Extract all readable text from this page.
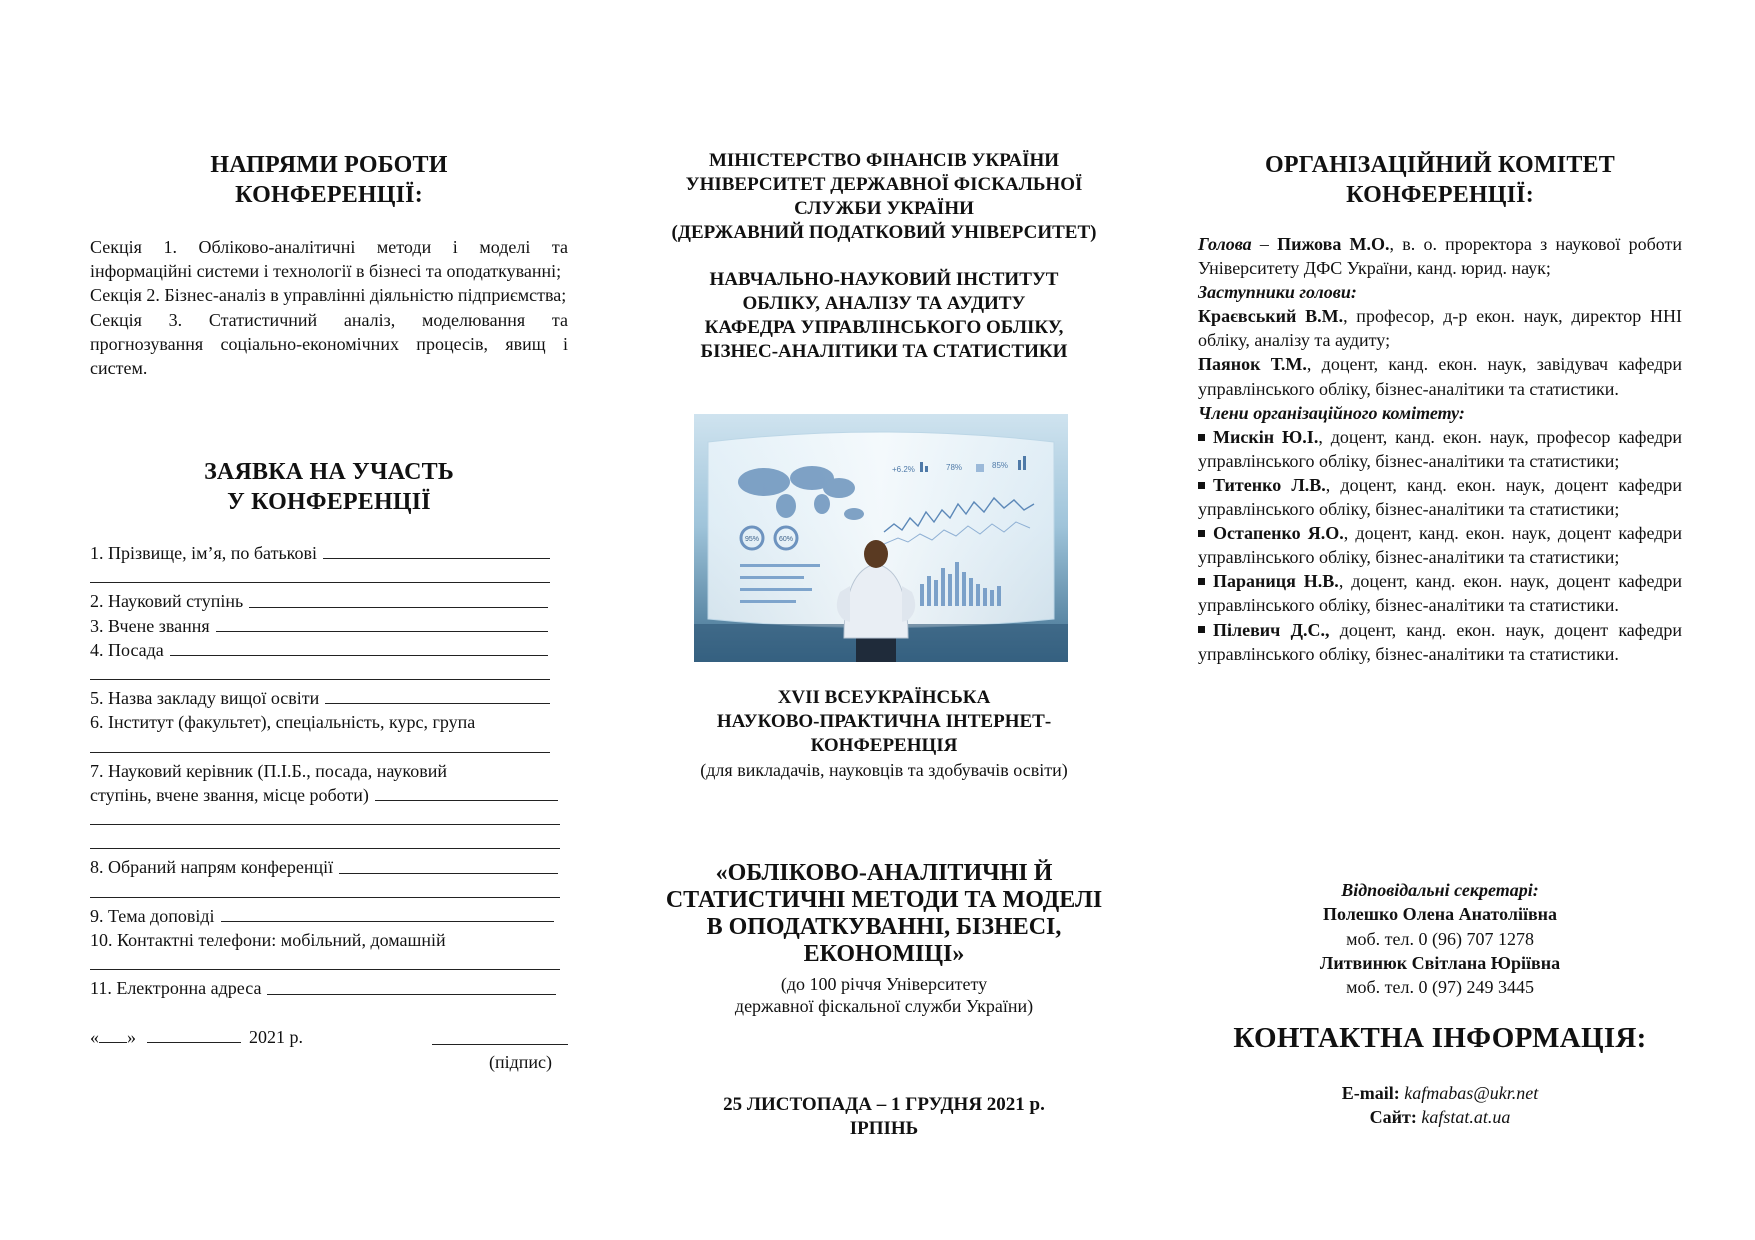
НАПРЯМИ РОБОТИ
КОНФЕРЕНЦІЇ:

Секція 1. Обліково-аналітичні методи і моделі та інформаційні системи і технології в бізнесі та оподаткуванні;

Секція 2. Бізнес-аналіз в управлінні діяльністю підприємства;

Секція 3. Статистичний аналіз, моделювання та прогнозування соціально-економічних процесів, явищ і систем.

ЗАЯВКА НА УЧАСТЬ
У КОНФЕРЕНЦІЇ
1. Прізвище, ім’я, по батькові
2. Науковий ступінь
3. Вчене звання
4. Посада
5. Назва закладу вищої освіти
6. Інститут (факультет), спеціальність, курс, група
7. Науковий керівник (П.І.Б., посада, науковий
ступінь, вчене звання, місце роботи)
8. Обраний напрям конференції
9. Тема доповіді
10. Контактні телефони: мобільний, домашній
11. Електронна адреса
« »	2021 р.
(підпис)
МІНІСТЕРСТВО ФІНАНСІВ УКРАЇНИ
УНІВЕРСИТЕТ ДЕРЖАВНОЇ ФІСКАЛЬНОЇ
СЛУЖБИ УКРАЇНИ
(ДЕРЖАВНИЙ ПОДАТКОВИЙ УНІВЕРСИТЕТ)
НАВЧАЛЬНО-НАУКОВИЙ ІНСТИТУТ
ОБЛІКУ, АНАЛІЗУ ТА АУДИТУ
КАФЕДРА УПРАВЛІНСЬКОГО ОБЛІКУ,
БІЗНЕС-АНАЛІТИКИ ТА СТАТИСТИКИ
95%	60%
+6.2%	78%	85%
XVII ВСЕУКРАЇНСЬКА
НАУКОВО-ПРАКТИЧНА ІНТЕРНЕТ-
КОНФЕРЕНЦІЯ
(для викладачів, науковців та здобувачів освіти)
«ОБЛІКОВО-АНАЛІТИЧНІ Й
СТАТИСТИЧНІ МЕТОДИ ТА МОДЕЛІ
В ОПОДАТКУВАННІ, БІЗНЕСІ,
ЕКОНОМІЦІ»
(до 100 річчя Університету
державної фіскальної служби України)
25 ЛИСТОПАДА – 1 ГРУДНЯ 2021 р.
ІРПІНЬ
ОРГАНІЗАЦІЙНИЙ КОМІТЕТ
КОНФЕРЕНЦІЇ:
Голова – Пижова М.О., в. о. проректора з наукової роботи Університету ДФС України, канд. юрид. наук;
Заступники голови:
Краєвський В.М., професор, д-р екон. наук, директор ННІ обліку, аналізу та аудиту;
Паянок Т.М., доцент, канд. екон. наук, завідувач кафедри управлінського обліку, бізнес-аналітики та статистики.
Члени організаційного комітету:
Мискін Ю.І., доцент, канд. екон. наук, професор кафедри управлінського обліку, бізнес-аналітики та статистики;
Титенко Л.В., доцент, канд. екон. наук, доцент кафедри управлінського обліку, бізнес-аналітики та статистики;
Остапенко Я.О., доцент, канд. екон. наук, доцент кафедри управлінського обліку, бізнес-аналітики та статистики;
Параниця Н.В., доцент, канд. екон. наук, доцент кафедри управлінського обліку, бізнес-аналітики та статистики.
Пілевич Д.С., доцент, канд. екон. наук, доцент кафедри управлінського обліку, бізнес-аналітики та статистики.
Відповідальні секретарі:
Полешко Олена Анатоліївна
моб. тел. 0 (96) 707 1278
Литвинюк Світлана Юріївна
моб. тел. 0 (97) 249 3445
КОНТАКТНА ІНФОРМАЦІЯ:
E-mail: kafmabas@ukr.net
Сайт: kafstat.at.ua
